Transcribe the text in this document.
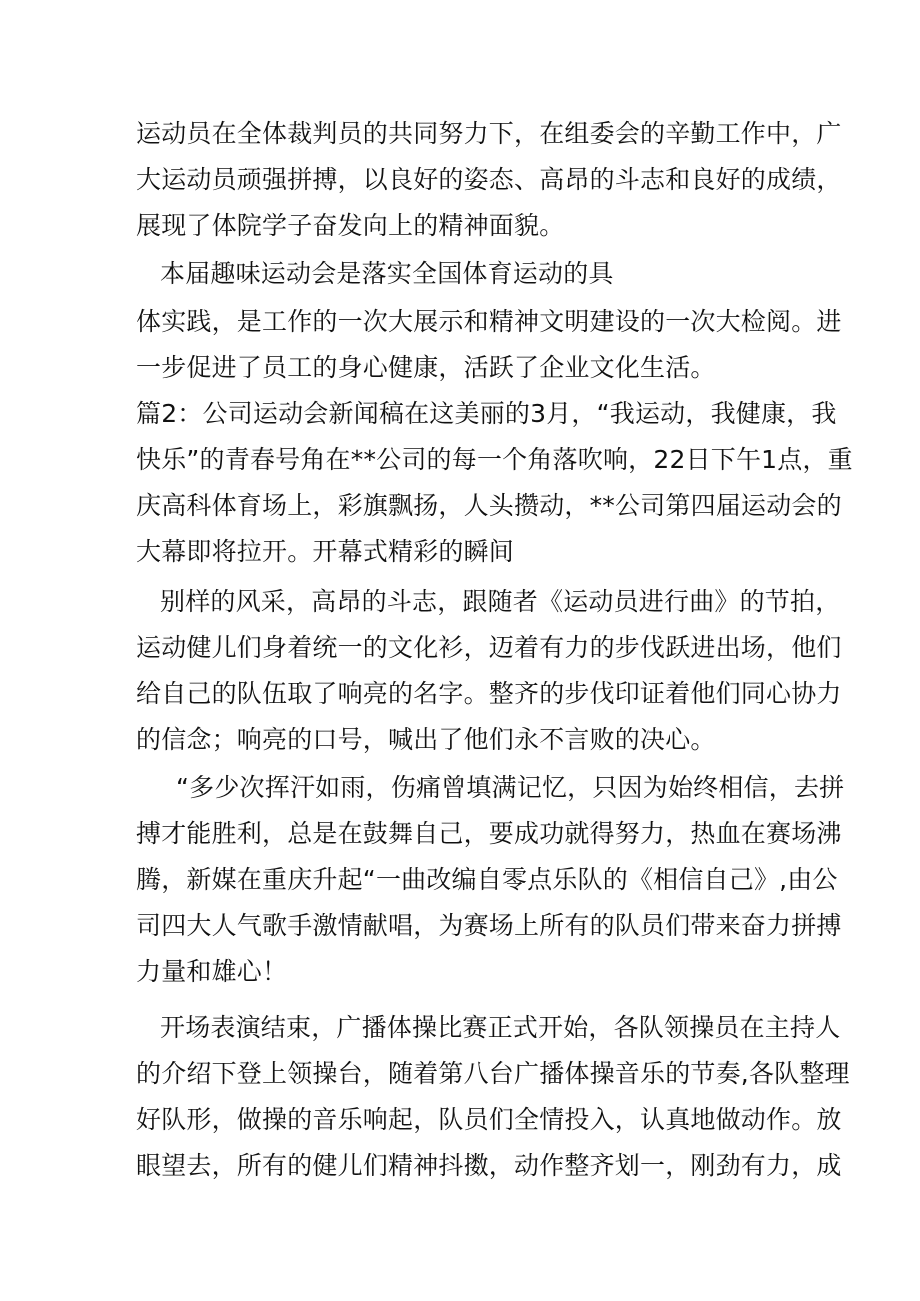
运动员在全体裁判员的共同努力下，在组委会的辛勤工作中，广
大运动员顽强拼搏，以良好的姿态、高昂的斗志和良好的成绩，
展现了体院学子奋发向上的精神面貌。
本届趣味运动会是落实全国体育运动的具
体实践，是工作的一次大展示和精神文明建设的一次大检阅。进
一步促进了员工的身心健康，活跃了企业文化生活。
篇2：公司运动会新闻稿在这美丽的3月，“我运动，我健康，我
快乐”的青春号角在**公司的每一个角落吹响，22日下午1点，重
庆高科体育场上，彩旗飘扬，人头攒动，**公司第四届运动会的
大幕即将拉开。开幕式精彩的瞬间
别样的风采，高昂的斗志，跟随者《运动员进行曲》的节拍，
运动健儿们身着统一的文化衫，迈着有力的步伐跃进出场，他们
给自己的队伍取了响亮的名字。整齐的步伐印证着他们同心协力
的信念；响亮的口号，喊出了他们永不言败的决心。
“多少次挥汗如雨，伤痛曾填满记忆，只因为始终相信，去拼
搏才能胜利，总是在鼓舞自己，要成功就得努力，热血在赛场沸
腾，新媒在重庆升起“一曲改编自零点乐队的《相信自己》,由公
司四大人气歌手激情献唱，为赛场上所有的队员们带来奋力拼搏
力量和雄心！
开场表演结束，广播体操比赛正式开始，各队领操员在主持人
的介绍下登上领操台，随着第八台广播体操音乐的节奏,各队整理
好队形，做操的音乐响起，队员们全情投入，认真地做动作。放
眼望去，所有的健儿们精神抖擞，动作整齐划一，刚劲有力，成
